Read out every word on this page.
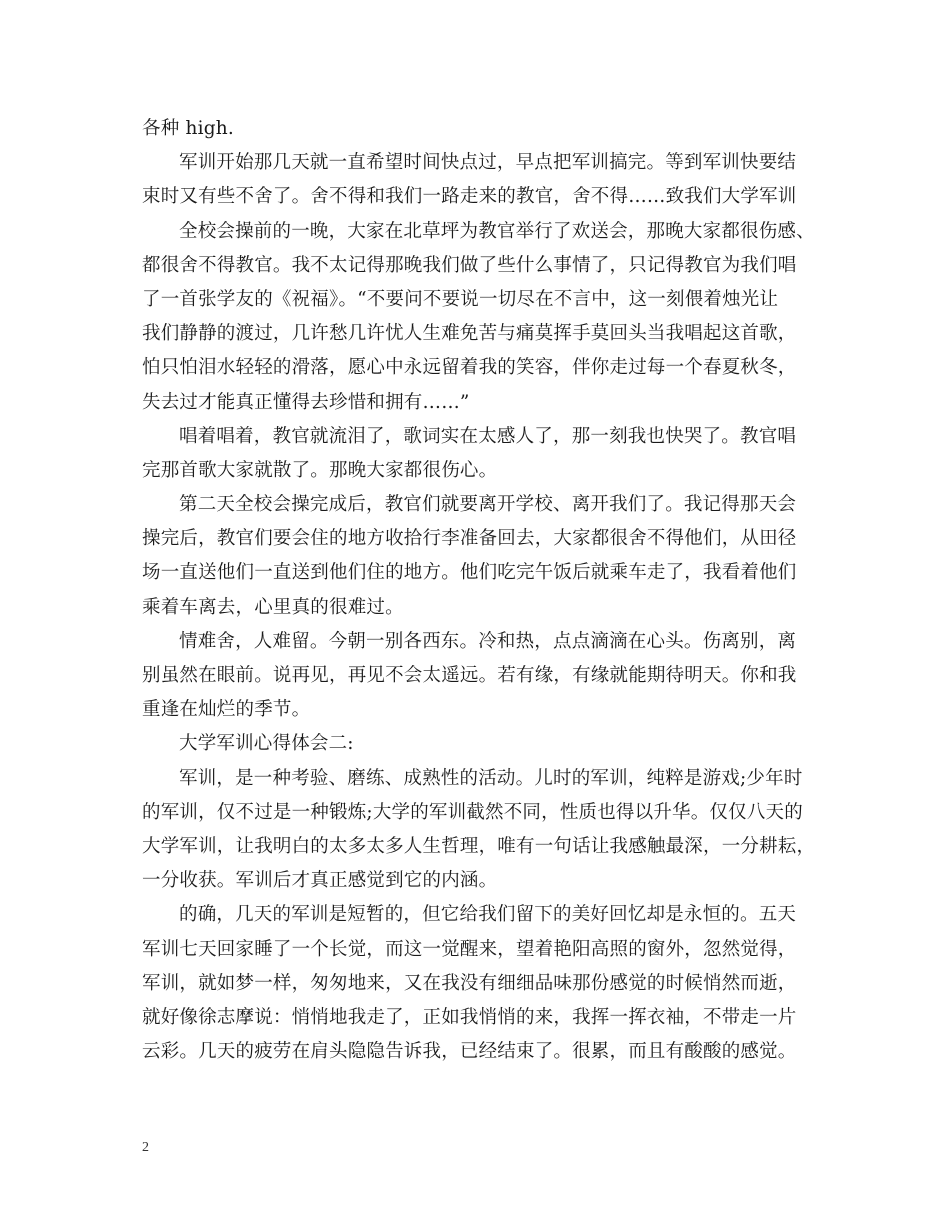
各种 high.
军训开始那几天就一直希望时间快点过，早点把军训搞完。等到军训快要结
束时又有些不舍了。舍不得和我们一路走来的教官，舍不得……致我们大学军训
全校会操前的一晚，大家在北草坪为教官举行了欢送会，那晚大家都很伤感、
都很舍不得教官。我不太记得那晚我们做了些什么事情了，只记得教官为我们唱
了一首张学友的《祝福》。“不要问不要说一切尽在不言中，这一刻偎着烛光让
我们静静的渡过，几许愁几许忧人生难免苦与痛莫挥手莫回头当我唱起这首歌，
怕只怕泪水轻轻的滑落，愿心中永远留着我的笑容，伴你走过每一个春夏秋冬，
失去过才能真正懂得去珍惜和拥有……”
唱着唱着，教官就流泪了，歌词实在太感人了，那一刻我也快哭了。教官唱
完那首歌大家就散了。那晚大家都很伤心。
第二天全校会操完成后，教官们就要离开学校、离开我们了。我记得那天会
操完后，教官们要会住的地方收拾行李准备回去，大家都很舍不得他们，从田径
场一直送他们一直送到他们住的地方。他们吃完午饭后就乘车走了，我看着他们
乘着车离去，心里真的很难过。
情难舍，人难留。今朝一别各西东。冷和热，点点滴滴在心头。伤离别，离
别虽然在眼前。说再见，再见不会太遥远。若有缘，有缘就能期待明天。你和我
重逢在灿烂的季节。
大学军训心得体会二:
军训，是一种考验、磨练、成熟性的活动。儿时的军训，纯粹是游戏;少年时
的军训，仅不过是一种锻炼;大学的军训截然不同，性质也得以升华。仅仅八天的
大学军训，让我明白的太多太多人生哲理，唯有一句话让我感触最深，一分耕耘，
一分收获。军训后才真正感觉到它的内涵。
的确，几天的军训是短暂的，但它给我们留下的美好回忆却是永恒的。五天
军训七天回家睡了一个长觉，而这一觉醒来，望着艳阳高照的窗外，忽然觉得，
军训，就如梦一样，匆匆地来，又在我没有细细品味那份感觉的时候悄然而逝，
就好像徐志摩说：悄悄地我走了，正如我悄悄的来，我挥一挥衣袖，不带走一片
云彩。几天的疲劳在肩头隐隐告诉我，已经结束了。很累，而且有酸酸的感觉。
2
